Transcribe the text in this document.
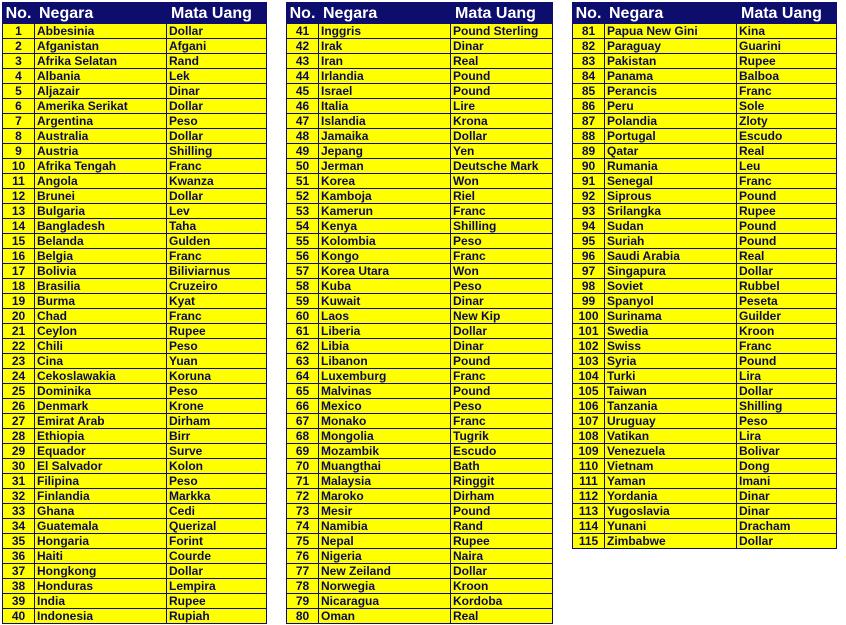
No.	Negara	Mata Uang
1	Abbesinia	Dollar
2	Afganistan	Afgani
3	Afrika Selatan	Rand
4	Albania	Lek
5	Aljazair	Dinar
6	Amerika Serikat	Dollar
7	Argentina	Peso
8	Australia	Dollar
9	Austria	Shilling
10	Afrika Tengah	Franc
11	Angola	Kwanza
12	Brunei	Dollar
13	Bulgaria	Lev
14	Bangladesh	Taha
15	Belanda	Gulden
16	Belgia	Franc
17	Bolivia	Biliviarnus
18	Brasilia	Cruzeiro
19	Burma	Kyat
20	Chad	Franc
21	Ceylon	Rupee
22	Chili	Peso
23	Cina	Yuan
24	Cekoslawakia	Koruna
25	Dominika	Peso
26	Denmark	Krone
27	Emirat Arab	Dirham
28	Ethiopia	Birr
29	Equador	Surve
30	El Salvador	Kolon
31	Filipina	Peso
32	Finlandia	Markka
33	Ghana	Cedi
34	Guatemala	Querizal
35	Hongaria	Forint
36	Haiti	Courde
37	Hongkong	Dollar
38	Honduras	Lempira
39	India	Rupee
40	Indonesia	Rupiah
No.	Negara	Mata Uang
41	Inggris	Pound Sterling
42	Irak	Dinar
43	Iran	Real
44	Irlandia	Pound
45	Israel	Pound
46	Italia	Lire
47	Islandia	Krona
48	Jamaika	Dollar
49	Jepang	Yen
50	Jerman	Deutsche Mark
51	Korea	Won
52	Kamboja	Riel
53	Kamerun	Franc
54	Kenya	Shilling
55	Kolombia	Peso
56	Kongo	Franc
57	Korea Utara	Won
58	Kuba	Peso
59	Kuwait	Dinar
60	Laos	New Kip
61	Liberia	Dollar
62	Libia	Dinar
63	Libanon	Pound
64	Luxemburg	Franc
65	Malvinas	Pound
66	Mexico	Peso
67	Monako	Franc
68	Mongolia	Tugrik
69	Mozambik	Escudo
70	Muangthai	Bath
71	Malaysia	Ringgit
72	Maroko	Dirham
73	Mesir	Pound
74	Namibia	Rand
75	Nepal	Rupee
76	Nigeria	Naira
77	New Zeiland	Dollar
78	Norwegia	Kroon
79	Nicaragua	Kordoba
80	Oman	Real
No.	Negara	Mata Uang
81	Papua New Gini	Kina
82	Paraguay	Guarini
83	Pakistan	Rupee
84	Panama	Balboa
85	Perancis	Franc
86	Peru	Sole
87	Polandia	Zloty
88	Portugal	Escudo
89	Qatar	Real
90	Rumania	Leu
91	Senegal	Franc
92	Siprous	Pound
93	Srilangka	Rupee
94	Sudan	Pound
95	Suriah	Pound
96	Saudi Arabia	Real
97	Singapura	Dollar
98	Soviet	Rubbel
99	Spanyol	Peseta
100	Surinama	Guilder
101	Swedia	Kroon
102	Swiss	Franc
103	Syria	Pound
104	Turki	Lira
105	Taiwan	Dollar
106	Tanzania	Shilling
107	Uruguay	Peso
108	Vatikan	Lira
109	Venezuela	Bolivar
110	Vietnam	Dong
111	Yaman	Imani
112	Yordania	Dinar
113	Yugoslavia	Dinar
114	Yunani	Dracham
115	Zimbabwe	Dollar
